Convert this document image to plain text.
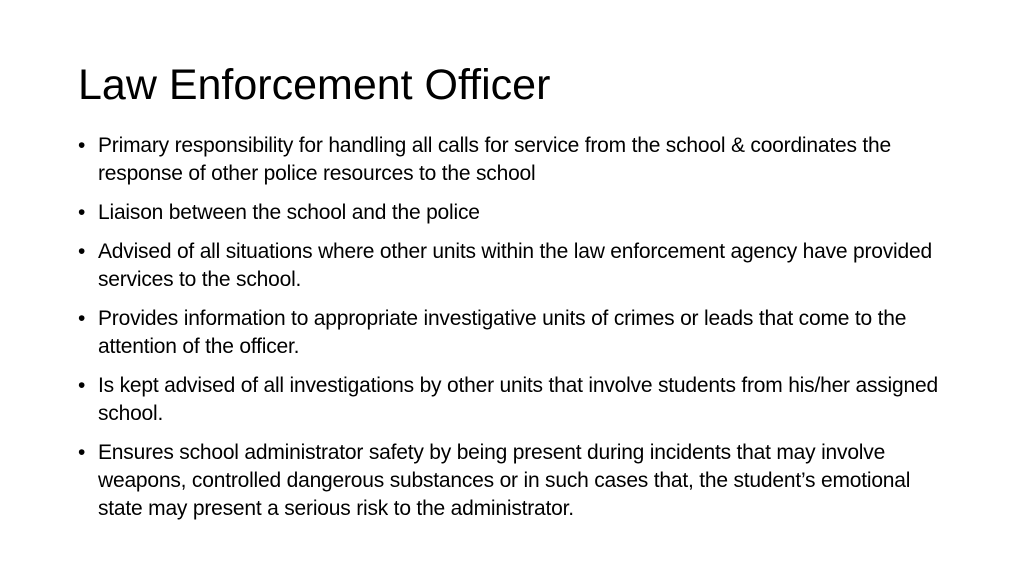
Law Enforcement Officer
• Primary responsibility for handling all calls for service from the school & coordinates the response of other police resources to the school
• Liaison between the school and the police
• Advised of all situations where other units within the law enforcement agency have provided services to the school.
• Provides information to appropriate investigative units of crimes or leads that come to the attention of the officer.
• Is kept advised of all investigations by other units that involve students from his/her assigned school.
• Ensures school administrator safety by being present during incidents that may involve weapons, controlled dangerous substances or in such cases that, the student’s emotional state may present a serious risk to the administrator.
